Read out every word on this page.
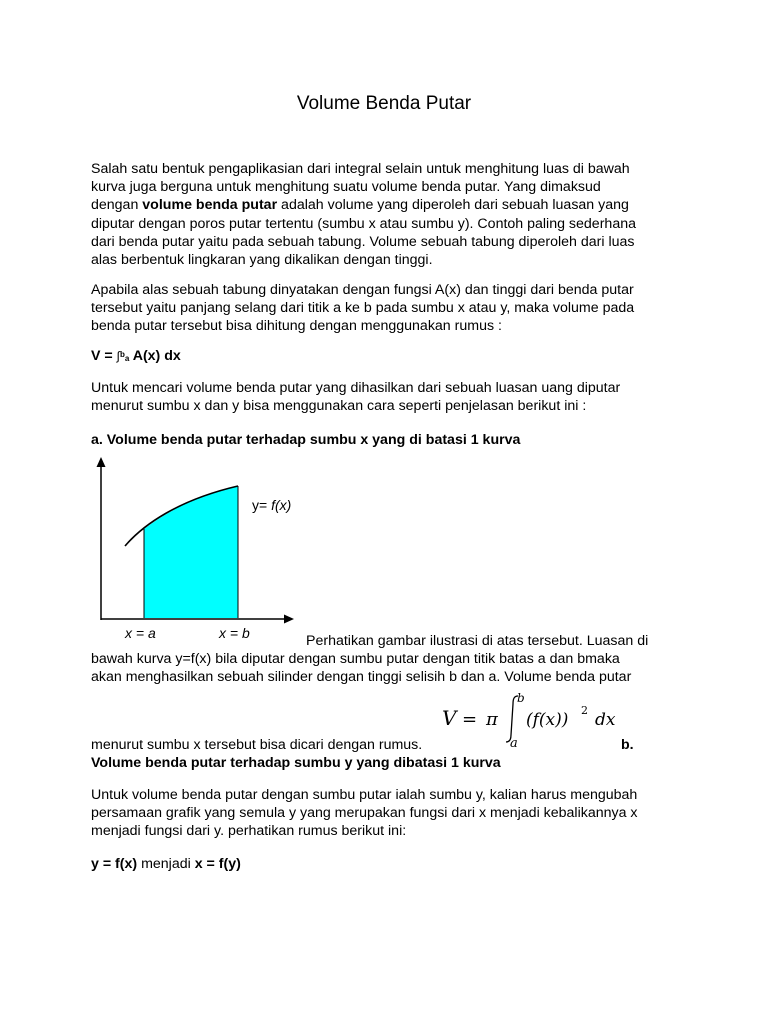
Volume Benda Putar

Salah satu bentuk pengaplikasian dari integral selain untuk menghitung luas di bawah
kurva juga berguna untuk menghitung suatu volume benda putar. Yang dimaksud
dengan volume benda putar adalah volume yang diperoleh dari sebuah luasan yang
diputar dengan poros putar tertentu (sumbu x atau sumbu y). Contoh paling sederhana
dari benda putar yaitu pada sebuah tabung. Volume sebuah tabung diperoleh dari luas
alas berbentuk lingkaran yang dikalikan dengan tinggi.

Apabila alas sebuah tabung dinyatakan dengan fungsi A(x) dan tinggi dari benda putar
tersebut yaitu panjang selang dari titik a ke b pada sumbu x atau y, maka volume pada
benda putar tersebut bisa dihitung dengan menggunakan rumus :

V = ∫$^b$a A(x) dx

Untuk mencari volume benda putar yang dihasilkan dari sebuah luasan uang diputar
menurut sumbu x dan y bisa menggunakan cara seperti penjelasan berikut ini :

a. Volume benda putar terhadap sumbu x yang di batasi 1 kurva
y= f(x)
x = a	x = b	Perhatikan gambar ilustrasi di atas tersebut. Luasan di
bawah kurva y=f(x) bila diputar dengan sumbu putar dengan titik batas a dan bmaka
akan menghasilkan sebuah silinder dengan tinggi selisih b dan a. Volume benda putar
V = π
b
a
(f(x)) 2 dx
menurut sumbu x tersebut bisa dicari dengan rumus.	b.
Volume benda putar terhadap sumbu y yang dibatasi 1 kurva

Untuk volume benda putar dengan sumbu putar ialah sumbu y, kalian harus mengubah
persamaan grafik yang semula y yang merupakan fungsi dari x menjadi kebalikannya x
menjadi fungsi dari y. perhatikan rumus berikut ini:

y = f(x) menjadi x = f(y)
